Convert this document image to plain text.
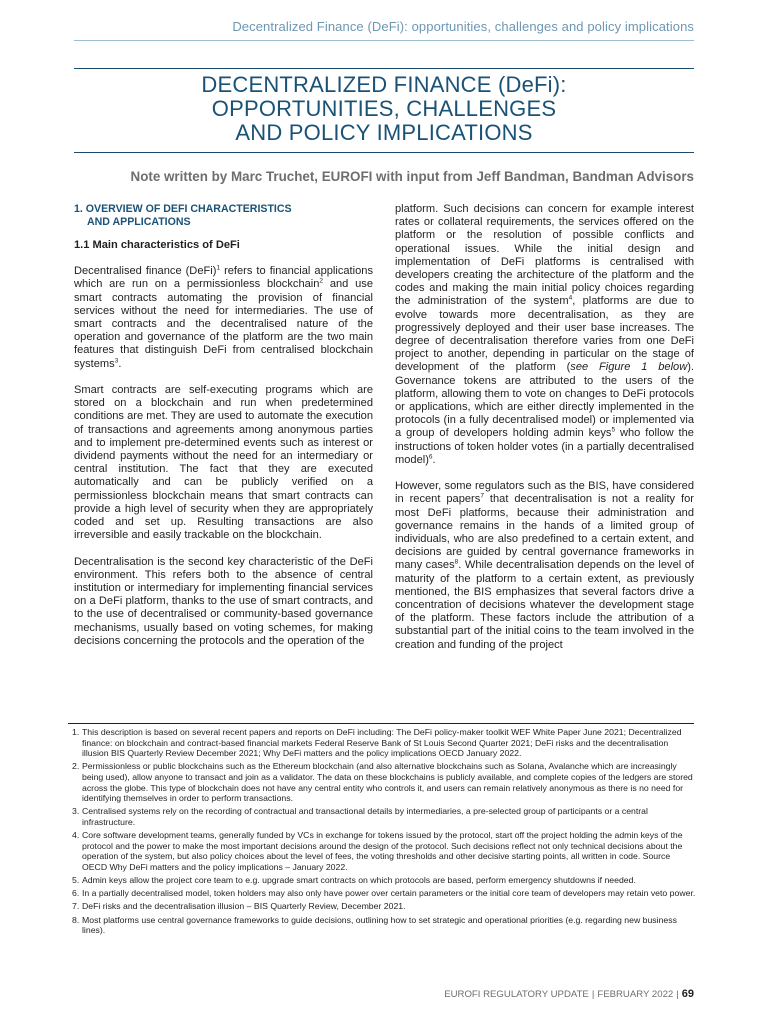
Decentralized Finance (DeFi): opportunities, challenges and policy implications
DECENTRALIZED FINANCE (DeFi):
OPPORTUNITIES, CHALLENGES
AND POLICY IMPLICATIONS
Note written by Marc Truchet, EUROFI with input from Jeff Bandman, Bandman Advisors
1. OVERVIEW OF DEFI CHARACTERISTICS
AND APPLICATIONS
1.1 Main characteristics of DeFi

Decentralised finance (DeFi)$^1$ refers to financial applications which are run on a permissionless blockchain$^2$ and use smart contracts automating the provision of financial services without the need for intermediaries. The use of smart contracts and the decentralised nature of the operation and governance of the platform are the two main features that distinguish DeFi from centralised blockchain systems$^3$.

Smart contracts are self-executing programs which are stored on a blockchain and run when predetermined conditions are met. They are used to automate the execution of transactions and agreements among anonymous parties and to implement pre-determined events such as interest or dividend payments without the need for an intermediary or central institution. The fact that they are executed automatically and can be publicly verified on a permissionless blockchain means that smart contracts can provide a high level of security when they are appropriately coded and set up. Resulting transactions are also irreversible and easily trackable on the blockchain.

Decentralisation is the second key characteristic of the DeFi environment. This refers both to the absence of central institution or intermediary for implementing financial services on a DeFi platform, thanks to the use of smart contracts, and to the use of decentralised or community-based governance mechanisms, usually based on voting schemes, for making decisions concerning the protocols and the operation of the

platform. Such decisions can concern for example interest rates or collateral requirements, the services offered on the platform or the resolution of possible conflicts and operational issues. While the initial design and implementation of DeFi platforms is centralised with developers creating the architecture of the platform and the codes and making the main initial policy choices regarding the administration of the system$^4$, platforms are due to evolve towards more decentralisation, as they are progressively deployed and their user base increases. The degree of decentralisation therefore varies from one DeFi project to another, depending in particular on the stage of development of the platform (see Figure 1 below). Governance tokens are attributed to the users of the platform, allowing them to vote on changes to DeFi protocols or applications, which are either directly implemented in the protocols (in a fully decentralised model) or implemented via a group of developers holding admin keys$^5$ who follow the instructions of token holder votes (in a partially decentralised model)$^6$.

However, some regulators such as the BIS, have considered in recent papers$^7$ that decentralisation is not a reality for most DeFi platforms, because their administration and governance remains in the hands of a limited group of individuals, who are also predefined to a certain extent, and decisions are guided by central governance frameworks in many cases$^8$. While decentralisation depends on the level of maturity of the platform to a certain extent, as previously mentioned, the BIS emphasizes that several factors drive a concentration of decisions whatever the development stage of the platform. These factors include the attribution of a substantial part of the initial coins to the team involved in the creation and funding of the project

1. This description is based on several recent papers and reports on DeFi including: The DeFi policy-maker toolkit WEF White Paper June 2021; Decentralized finance: on blockchain and contract-based financial markets Federal Reserve Bank of St Louis Second Quarter 2021; DeFi risks and the decentralisation illusion BIS Quarterly Review December 2021; Why DeFi matters and the policy implications OECD January 2022.
2. Permissionless or public blockchains such as the Ethereum blockchain (and also alternative blockchains such as Solana, Avalanche which are increasingly being used), allow anyone to transact and join as a validator. The data on these blockchains is publicly available, and complete copies of the ledgers are stored across the globe. This type of blockchain does not have any central entity who controls it, and users can remain relatively anonymous as there is no need for identifying themselves in order to perform transactions.
3. Centralised systems rely on the recording of contractual and transactional details by intermediaries, a pre-selected group of participants or a central infrastructure.
4. Core software development teams, generally funded by VCs in exchange for tokens issued by the protocol, start off the project holding the admin keys of the protocol and the power to make the most important decisions around the design of the protocol. Such decisions reflect not only technical decisions about the operation of the system, but also policy choices about the level of fees, the voting thresholds and other decisive starting points, all written in code. Source OECD Why DeFi matters and the policy implications – January 2022.
5. Admin keys allow the project core team to e.g. upgrade smart contracts on which protocols are based, perform emergency shutdowns if needed.
6. In a partially decentralised model, token holders may also only have power over certain parameters or the initial core team of developers may retain veto power.
7. DeFi risks and the decentralisation illusion – BIS Quarterly Review, December 2021.
8. Most platforms use central governance frameworks to guide decisions, outlining how to set strategic and operational priorities (e.g. regarding new business lines).
EUROFI REGULATORY UPDATE | FEBRUARY 2022 | 69
